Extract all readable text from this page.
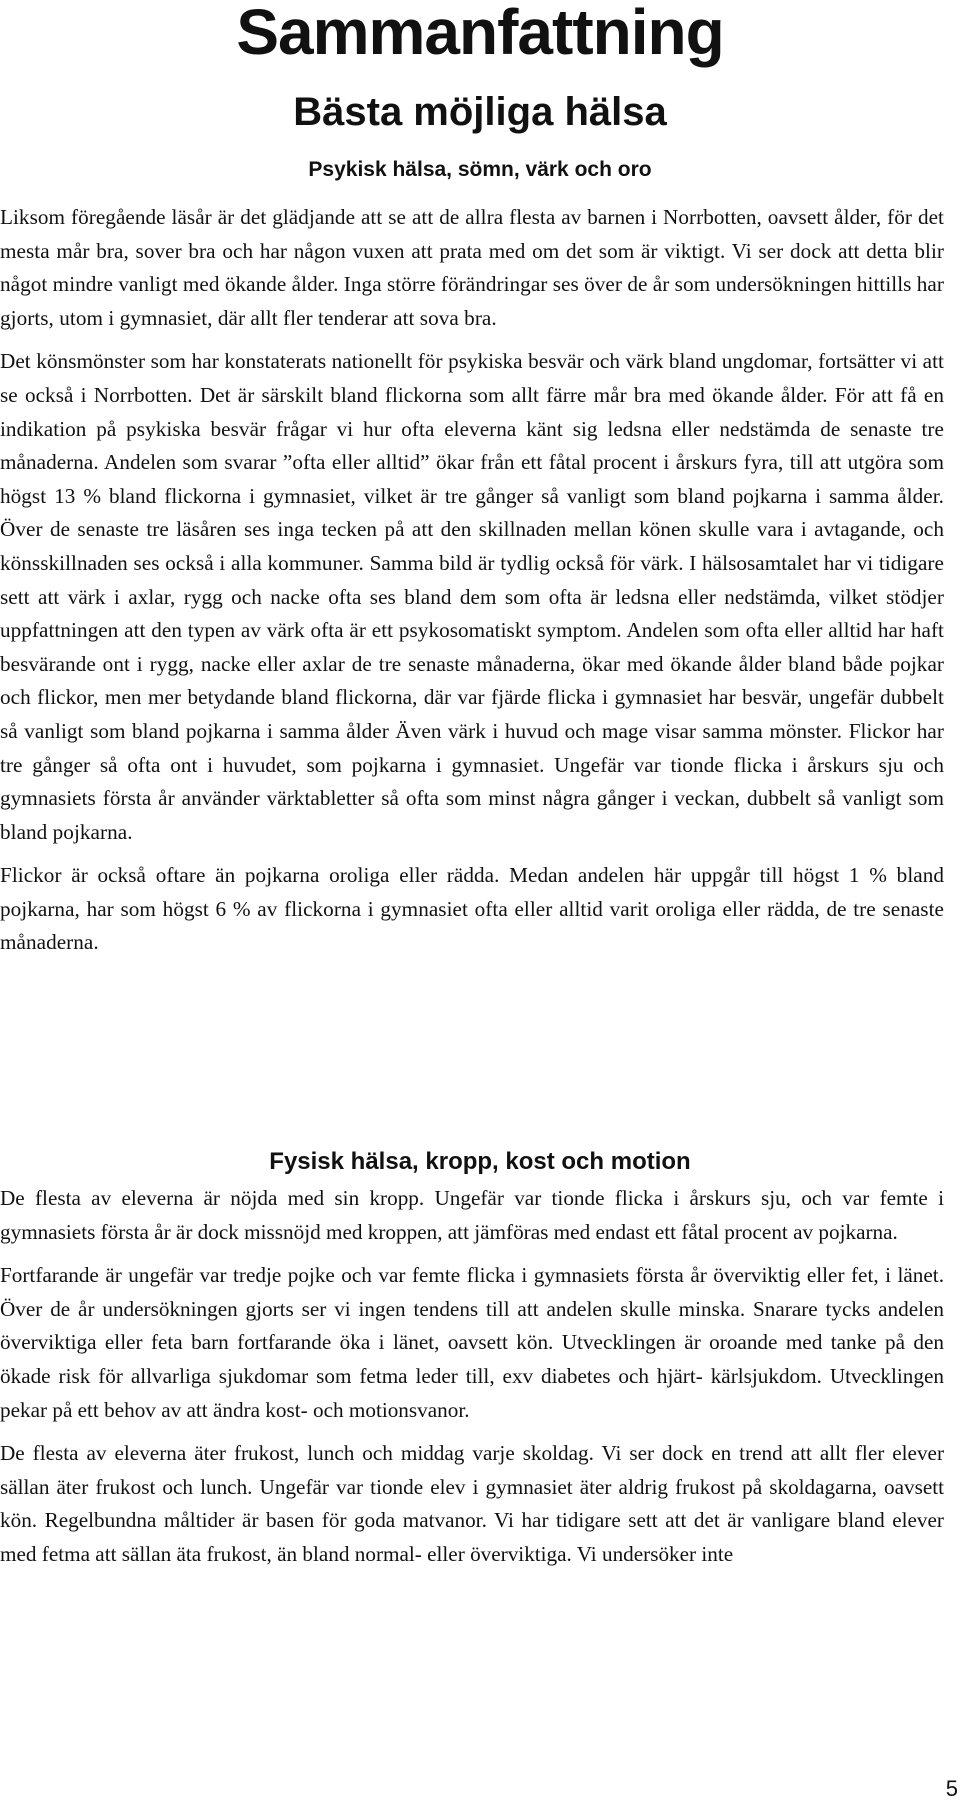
Sammanfattning
Bästa möjliga hälsa
Psykisk hälsa, sömn, värk och oro

Liksom föregående läsår är det glädjande att se att de allra flesta av barnen i Norrbotten, oavsett ålder, för det mesta mår bra, sover bra och har någon vuxen att prata med om det som är viktigt. Vi ser dock att detta blir något mindre vanligt med ökande ålder. Inga större förändringar ses över de år som undersökningen hittills har gjorts, utom i gymnasiet, där allt fler tenderar att sova bra.

Det könsmönster som har konstaterats nationellt för psykiska besvär och värk bland ungdomar, fortsätter vi att se också i Norrbotten. Det är särskilt bland flickorna som allt färre mår bra med ökande ålder. För att få en indikation på psykiska besvär frågar vi hur ofta eleverna känt sig ledsna eller nedstämda de senaste tre månaderna. Andelen som svarar ”ofta eller alltid” ökar från ett fåtal procent i årskurs fyra, till att utgöra som högst 13 % bland flickorna i gymnasiet, vilket är tre gånger så vanligt som bland pojkarna i samma ålder. Över de senaste tre läsåren ses inga tecken på att den skillnaden mellan könen skulle vara i avtagande, och könsskillnaden ses också i alla kommuner. Samma bild är tydlig också för värk. I hälsosamtalet har vi tidigare sett att värk i axlar, rygg och nacke ofta ses bland dem som ofta är ledsna eller nedstämda, vilket stödjer uppfattningen att den typen av värk ofta är ett psykosomatiskt symptom. Andelen som ofta eller alltid har haft besvärande ont i rygg, nacke eller axlar de tre senaste månaderna, ökar med ökande ålder bland både pojkar och flickor, men mer betydande bland flickorna, där var fjärde flicka i gymnasiet har besvär, ungefär dubbelt så vanligt som bland pojkarna i samma ålder Även värk i huvud och mage visar samma mönster. Flickor har tre gånger så ofta ont i huvudet, som pojkarna i gymnasiet. Ungefär var tionde flicka i årskurs sju och gymnasiets första år använder värktabletter så ofta som minst några gånger i veckan, dubbelt så vanligt som bland pojkarna.

Flickor är också oftare än pojkarna oroliga eller rädda. Medan andelen här uppgår till högst 1 % bland pojkarna, har som högst 6 % av flickorna i gymnasiet ofta eller alltid varit oroliga eller rädda, de tre senaste månaderna.

Fysisk hälsa, kropp, kost och motion

De flesta av eleverna är nöjda med sin kropp. Ungefär var tionde flicka i årskurs sju, och var femte i gymnasiets första år är dock missnöjd med kroppen, att jämföras med endast ett fåtal procent av pojkarna.

Fortfarande är ungefär var tredje pojke och var femte flicka i gymnasiets första år överviktig eller fet, i länet. Över de år undersökningen gjorts ser vi ingen tendens till att andelen skulle minska. Snarare tycks andelen överviktiga eller feta barn fortfarande öka i länet, oavsett kön. Utvecklingen är oroande med tanke på den ökade risk för allvarliga sjukdomar som fetma leder till, exv diabetes och hjärt- kärlsjukdom. Utvecklingen pekar på ett behov av att ändra kost- och motionsvanor.

De flesta av eleverna äter frukost, lunch och middag varje skoldag. Vi ser dock en trend att allt fler elever sällan äter frukost och lunch. Ungefär var tionde elev i gymnasiet äter aldrig frukost på skoldagarna, oavsett kön. Regelbundna måltider är basen för goda matvanor. Vi har tidigare sett att det är vanligare bland elever med fetma att sällan äta frukost, än bland normal- eller överviktiga. Vi undersöker inte

5
